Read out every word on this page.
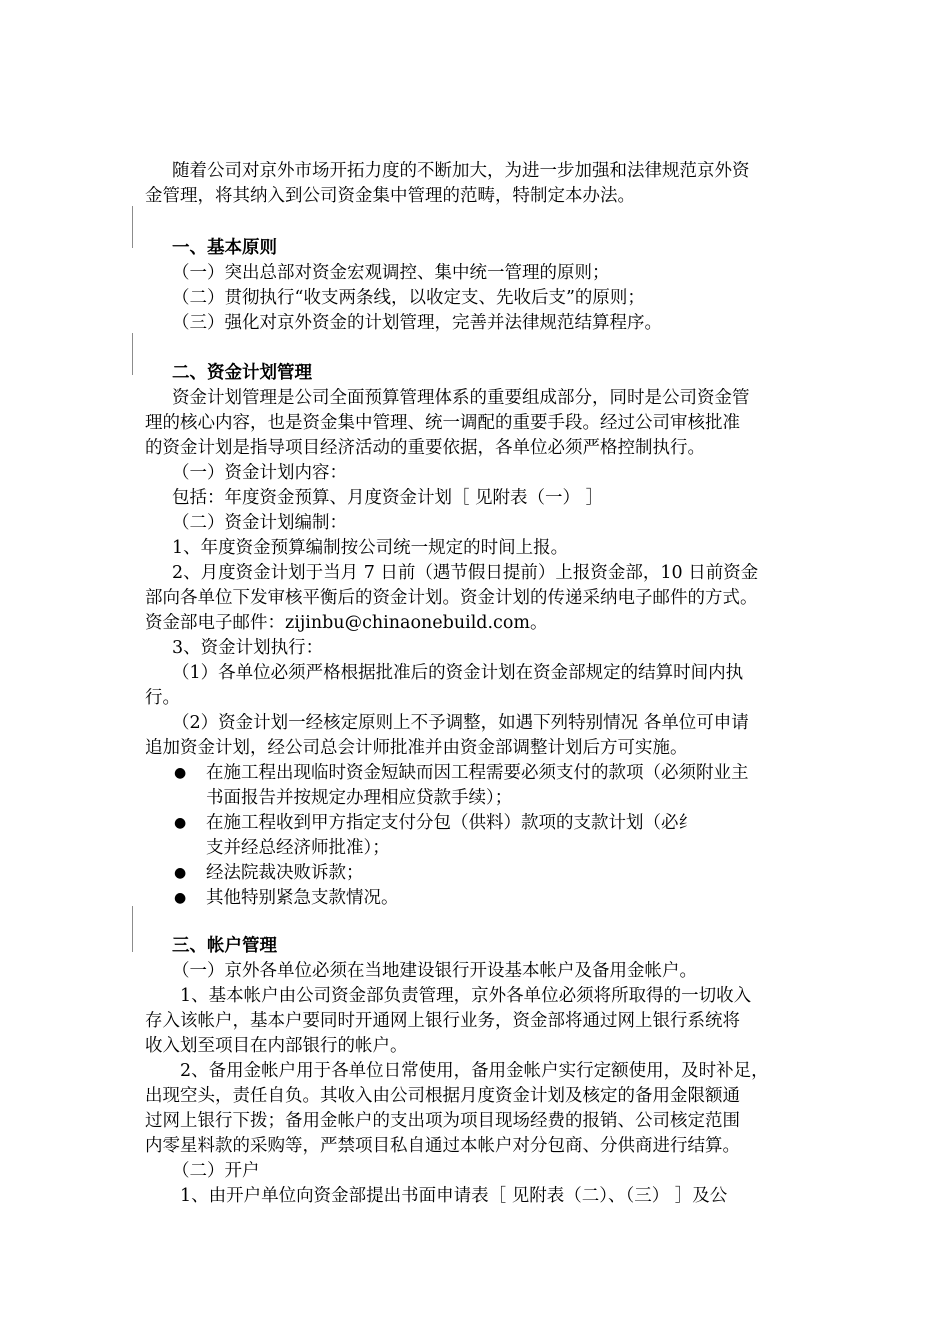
随着公司对京外市场开拓力度的不断加大，为进一步加强和法律规范京外资
金管理，将其纳入到公司资金集中管理的范畴，特制定本办法。
一、基本原则
（一）突出总部对资金宏观调控、集中统一管理的原则；
（二）贯彻执行“收支两条线，以收定支、先收后支”的原则；
（三）强化对京外资金的计划管理，完善并法律规范结算程序。
二、资金计划管理
资金计划管理是公司全面预算管理体系的重要组成部分，同时是公司资金管
理的核心内容，也是资金集中管理、统一调配的重要手段。经过公司审核批准
的资金计划是指导项目经济活动的重要依据，各单位必须严格控制执行。
（一）资金计划内容：
包括：年度资金预算、月度资金计划［ 见附表（一） ］
（二）资金计划编制：
1、年度资金预算编制按公司统一规定的时间上报。
2、月度资金计划于当月 7 日前（遇节假日提前）上报资金部，10 日前资金
部向各单位下发审核平衡后的资金计划。资金计划的传递采纳电子邮件的方式。
资金部电子邮件：zijinbu@chinaonebuild.com。
3、资金计划执行：
（1）各单位必须严格根据批准后的资金计划在资金部规定的结算时间内执
行。
（2）资金计划一经核定原则上不予调整，如遇下列特别情况 各单位可申请
追加资金计划，经公司总会计师批准并由资金部调整计划后方可实施。
● 在施工程出现临时资金短缺而因工程需要必须支付的款项（必须附业主
书面报告并按规定办理相应贷款手续）；
● 在施工程收到甲方指定支付分包（供料）款项的支款计划（必纟
支并经总经济师批准）；
● 经法院裁决败诉款；
● 其他特别紧急支款情况。
三、帐户管理
（一）京外各单位必须在当地建设银行开设基本帐户及备用金帐户。
1、基本帐户由公司资金部负责管理，京外各单位必须将所取得的一切收入
存入该帐户，基本户要同时开通网上银行业务，资金部将通过网上银行系统将
收入划至项目在内部银行的帐户。
2、备用金帐户用于各单位日常使用，备用金帐户实行定额使用，及时补足，
出现空头，责任自负。其收入由公司根据月度资金计划及核定的备用金限额通
过网上银行下拨；备用金帐户的支出项为项目现场经费的报销、公司核定范围
内零星料款的采购等，严禁项目私自通过本帐户对分包商、分供商进行结算。
（二）开户
1、由开户单位向资金部提出书面申请表［ 见附表（二）、（三） ］及公
